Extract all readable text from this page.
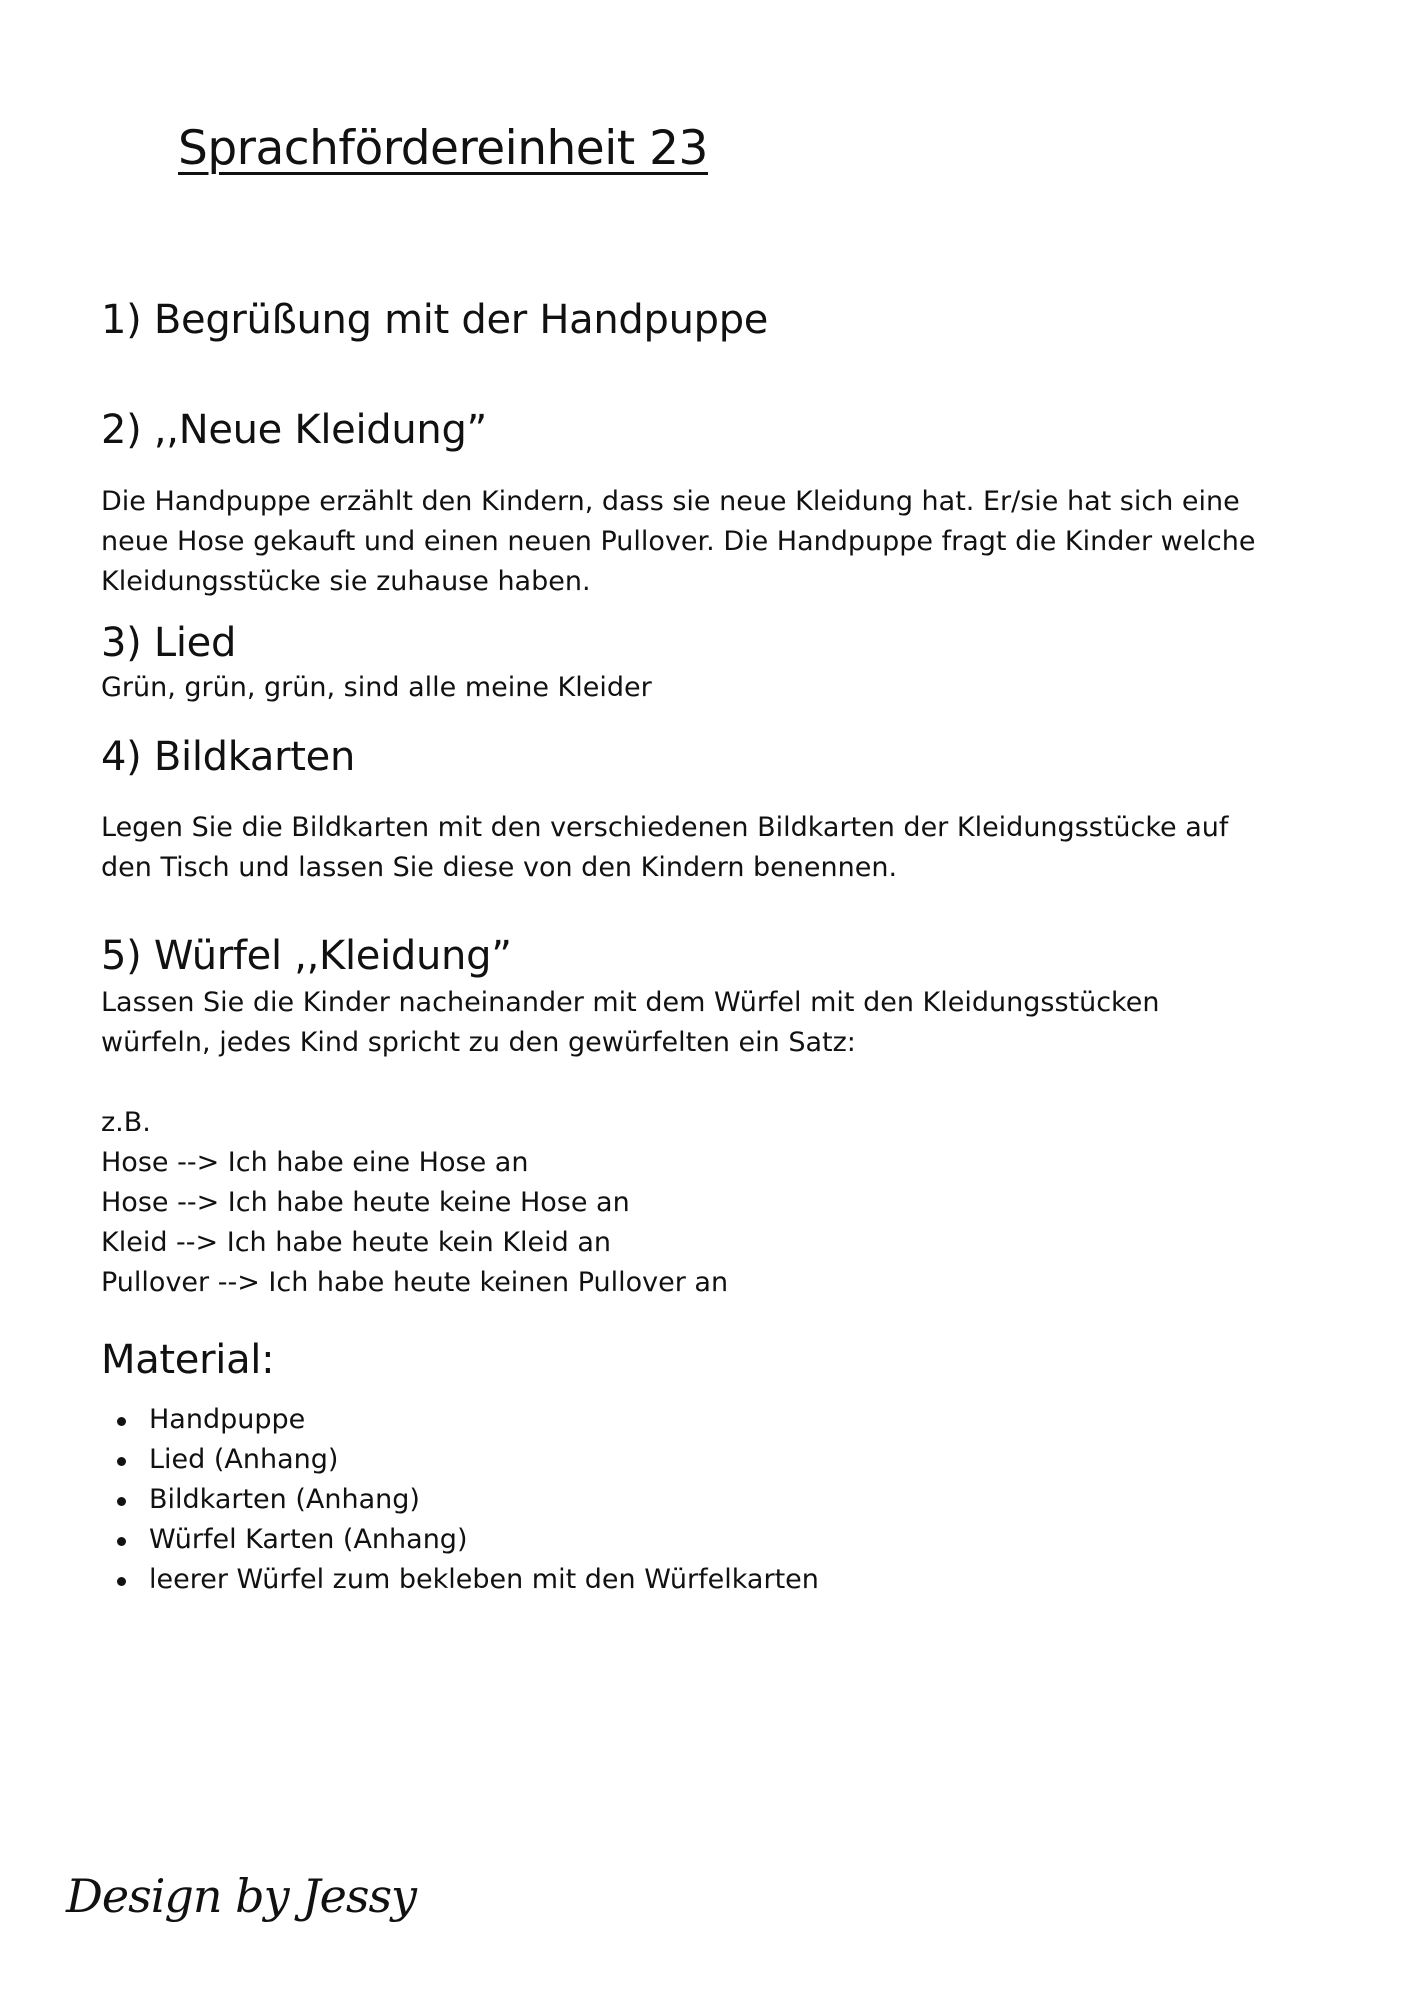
Sprachfördereinheit 23
1) Begrüßung mit der Handpuppe
2) ,,Neue Kleidung”
Die Handpuppe erzählt den Kindern, dass sie neue Kleidung hat. Er/sie hat sich eine
neue Hose gekauft und einen neuen Pullover. Die Handpuppe fragt die Kinder welche
Kleidungsstücke sie zuhause haben.
3) Lied
Grün, grün, grün, sind alle meine Kleider
4) Bildkarten
Legen Sie die Bildkarten mit den verschiedenen Bildkarten der Kleidungsstücke auf
den Tisch und lassen Sie diese von den Kindern benennen.
5) Würfel ,,Kleidung”
Lassen Sie die Kinder nacheinander mit dem Würfel mit den Kleidungsstücken
würfeln, jedes Kind spricht zu den gewürfelten ein Satz:
z.B.
Hose --> Ich habe eine Hose an
Hose --> Ich habe heute keine Hose an
Kleid --> Ich habe heute kein Kleid an
Pullover --> Ich habe heute keinen Pullover an
Material:
Handpuppe
Lied (Anhang)
Bildkarten (Anhang)
Würfel Karten (Anhang)
leerer Würfel zum bekleben mit den Würfelkarten
Design by Jessy
